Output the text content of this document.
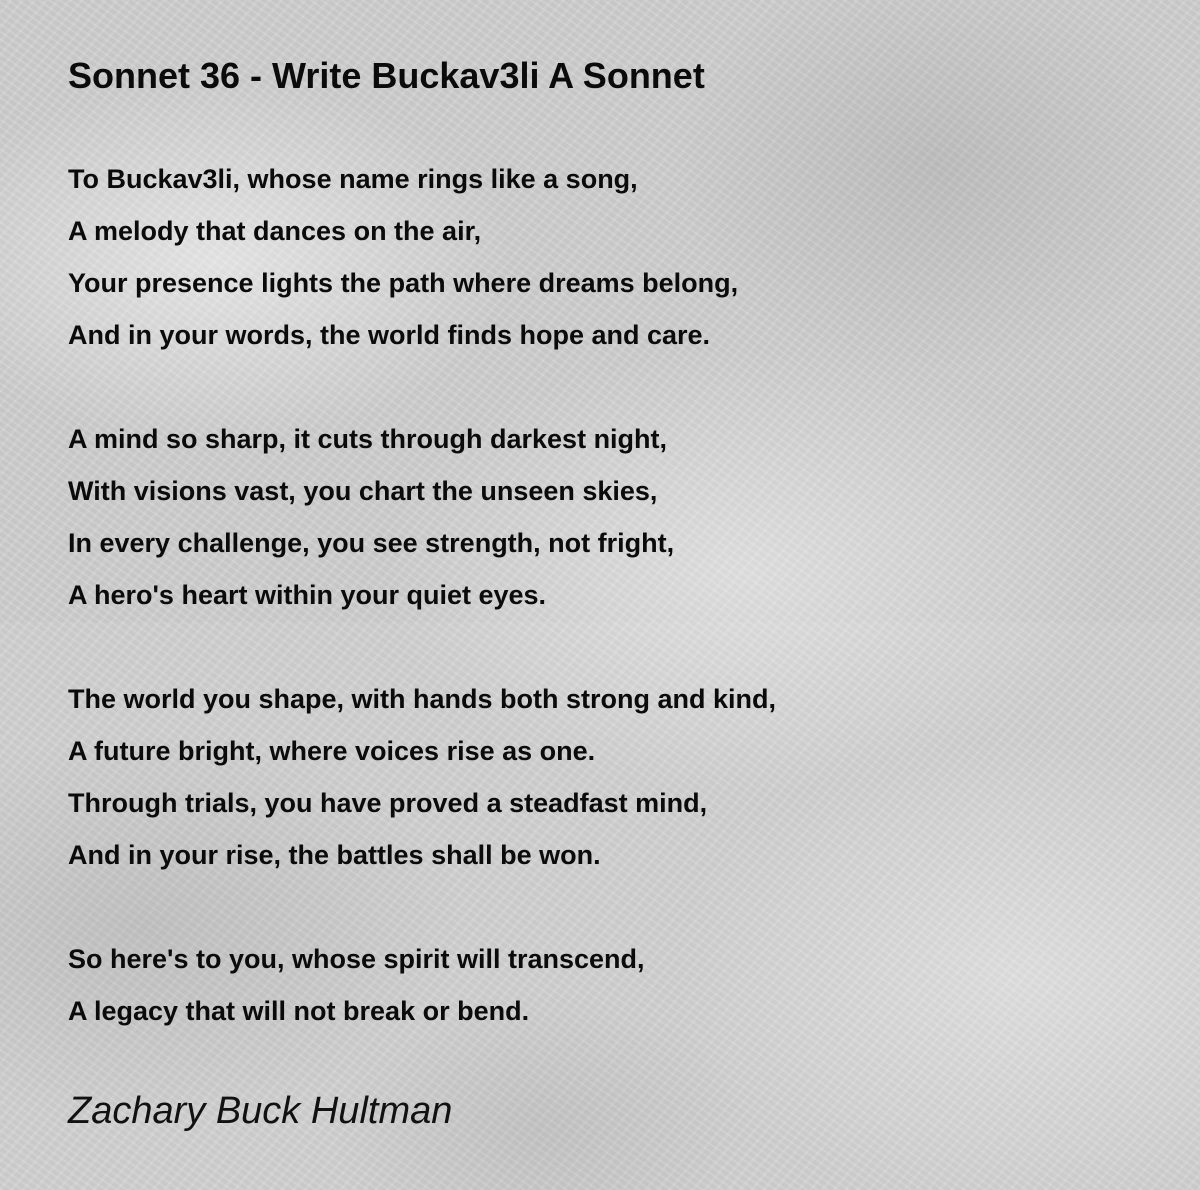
Sonnet 36 - Write Buckav3li A Sonnet
To Buckav3li, whose name rings like a song,
A melody that dances on the air,
Your presence lights the path where dreams belong,
And in your words, the world finds hope and care.
A mind so sharp, it cuts through darkest night,
With visions vast, you chart the unseen skies,
In every challenge, you see strength, not fright,
A hero's heart within your quiet eyes.
The world you shape, with hands both strong and kind,
A future bright, where voices rise as one.
Through trials, you have proved a steadfast mind,
And in your rise, the battles shall be won.
So here's to you, whose spirit will transcend,
A legacy that will not break or bend.
Zachary Buck Hultman
